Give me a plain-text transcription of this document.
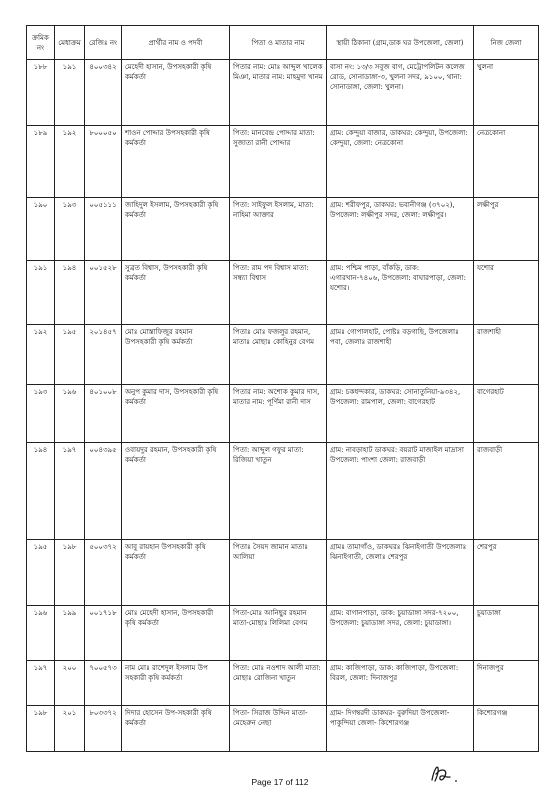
ক্রমিক নং	মেধাক্রম	রেজিঃ নং	প্রার্থীর নাম ও পদবী	পিতা ও মাতার নাম	স্থায়ী ঠিকানা (গ্রাম,ডাক ঘর উপজেলা, জেলা)	নিজ জেলা
১৮৮	১৯১	৪০০৩৪২	মেহেদী হাসান, উপসহকারী কৃষি কর্মকর্তা	পিতার নাম: মোঃ আব্দুল খালেক মিঞা, মাতার নাম: মাহমুদা খানম	বাসা নং: ১৩/৩ সবুজ বাগ, মেট্রোপলিটন কলেজ রোড, সোনাডাঙ্গা-৩, খুলনা সদর, ৯১০০, থানা: সোনাডাঙ্গা, জেলা: খুলনা।	খুলনা
১৮৯	১৯২	৮০০০৫০	শাওন পোদ্দার উপসহকারী কৃষি কর্মকর্তা	পিতা: মানবেন্দ্র পোদ্দার মাতা: সুজাতা রানী পোদ্দার	গ্রাম: কেন্দুয়া বাজার, ডাকঘর: কেন্দুয়া, উপজেলা: কেন্দুয়া, জেলা: নেত্রকোনা	নেত্রকোনা
১৯০	১৯৩	০০৫১১১	জাহিদুল ইসলাম, উপসহকারী কৃষি কর্মকর্তা	পিতা: সাইফুল ইসলাম, মাতা: নাহিমা আক্তার	গ্রাম: শরীফপুর, ডাকঘর: ভবানীগঞ্জ (৩৭০২), উপজেলা: লক্ষীপুর সদর, জেলা: লক্ষীপুর।	লক্ষীপুর
১৯১	১৯৪	০০১৫২৮	সুব্রত বিশ্বাস, উপসহকারী কৃষি কর্মকর্তা	পিতা: রাম পদ বিশ্বাস মাতা: সন্ধ্যা বিশ্বাস	গ্রাম: পশ্চিম পাড়া, বাঁকড়ি, ডাক: এগারখান-৭৪০৬, উপজেলা: বাঘারপাড়া, জেলা: যশোর।	যশোর
১৯২	১৯৫	২০১৪৫৭	মোঃ মোস্তাফিজুর রহমান উপসহকারী কৃষি কর্মকর্তা	পিতাঃ মোঃ ফজলুর রহমান, মাতাঃ মোছাঃ কোহিনুর বেগম	গ্রামঃ গোপালহাট, পোষ্টঃ বড়গাছি, উপজেলাঃ পবা, জেলাঃ রাজশাহী	রাজশাহী
১৯৩	১৯৬	৪০১০০৮	অনুপ কুমার দাস, উপসহকারী কৃষি কর্মকর্তা	পিতার নাম: অশোক কুমার দাস, মাতার নাম: পূর্ণিমা রানী দাস	গ্রাম: চকধন্দকার, ডাকঘর: সোনাতুনিয়া-৯৩৪২, উপজেলা: রামপাল, জেলা: বাগেরহাট	বাগেরহাট
১৯৪	১৯৭	০০৪৩৯৫	ওবায়দুর রহমান, উপসহকারী কৃষি কর্মকর্তা	পিতা: আব্দুল গফুর মাতা: রিজিয়া খাতুন	গ্রাম: নাবড়াহাট ডাকঘর: বয়রাট মাজাইল মাদ্রাসা উপজেলা: পাংশা জেলা: রাজবাড়ী	রাজবাড়ী
১৯৫	১৯৮	৫০০৩৭২	আবু রায়হান উপসহকারী কৃষি কর্মকর্তা	পিতাঃ সৈয়দ জামান মাতাঃ আলিয়া	গ্রামঃ তামাগাঁও, ডাকঘরঃ ঝিনাইগাতী উপজেলাঃ ঝিনাইগাতী, জেলাঃ শেরপুর	শেরপুর
১৯৬	১৯৯	০০১৭১৮	মোঃ মেহেদী হাসান, উপসহকারী কৃষি কর্মকর্তা	পিতা-মোঃ আনিছুর রহমান মাতা-মোছাঃ লিলিমা বেগম	গ্রাম: বাগানপাড়া, ডাক: চুয়াডাঙ্গা সদর-৭২০০, উপজেলা: চুয়াডাঙ্গা সদর, জেলা: চুয়াডাঙ্গা।	চুয়াডাঙ্গা
১৯৭	২০০	৭০০৫৭৩	নাম মোঃ রাশেদুল ইসলাম উপ সহকারী কৃষি কর্মকর্তা	পিতা: মোঃ নওশাদ আলী মাতা: মোছাঃ রোজিনা খাতুন	গ্রাম: কাজিপাড়া, ডাক: কাজিপাড়া, উপজেলা: বিরল, জেলা: দিনাজপুর	দিনাজপুর
১৯৮	২০১	৮০৩৩৭২	দিদার হোসেন উপ-সহকারী কৃষি কর্মকর্তা	পিতা- সিরাজ উদ্দিন মাতা- মেহেরুন নেছা	গ্রাম- দিগম্বরদী ডাকঘর- বুরুদিয়া উপজেলা- পাকুন্দিয়া জেলা- কিশোরগঞ্জ	কিশোরগঞ্জ
Page 17 of 112
